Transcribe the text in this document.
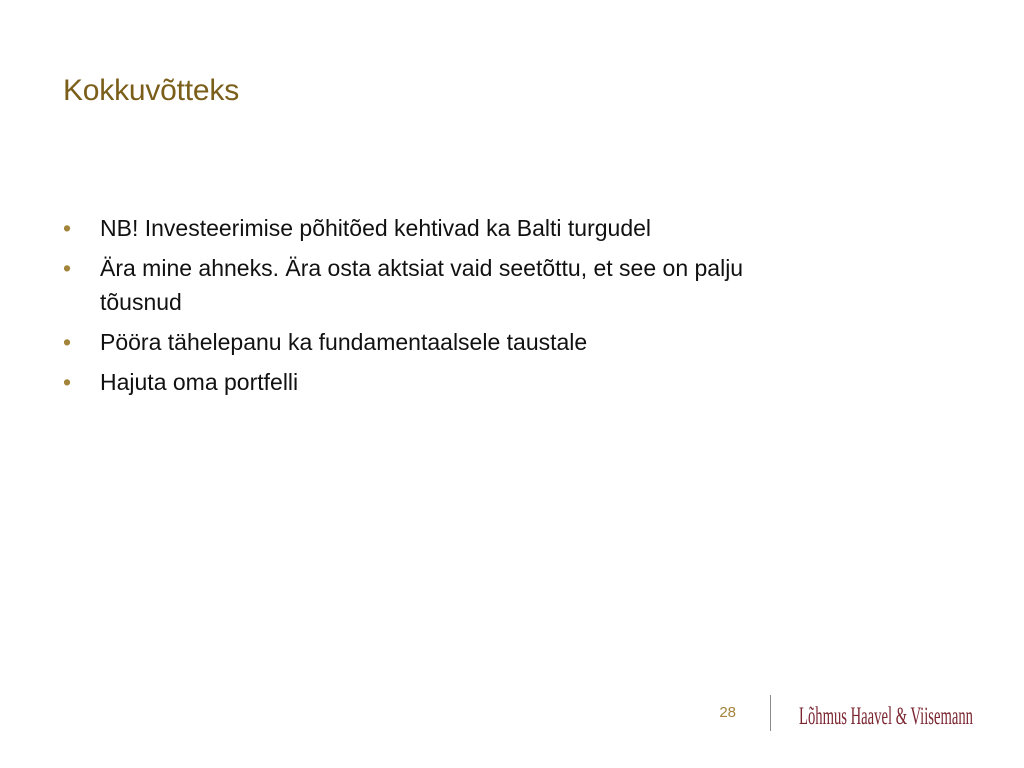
Kokkuvõtteks
•	NB! Investeerimise põhitõed kehtivad ka Balti turgudel
•	Ära mine ahneks. Ära osta aktsiat vaid seetõttu, et see on palju tõusnud
•	Pööra tähelepanu ka fundamentaalsele taustale
•	Hajuta oma portfelli
28	Lõhmus Haavel & Viisemann
